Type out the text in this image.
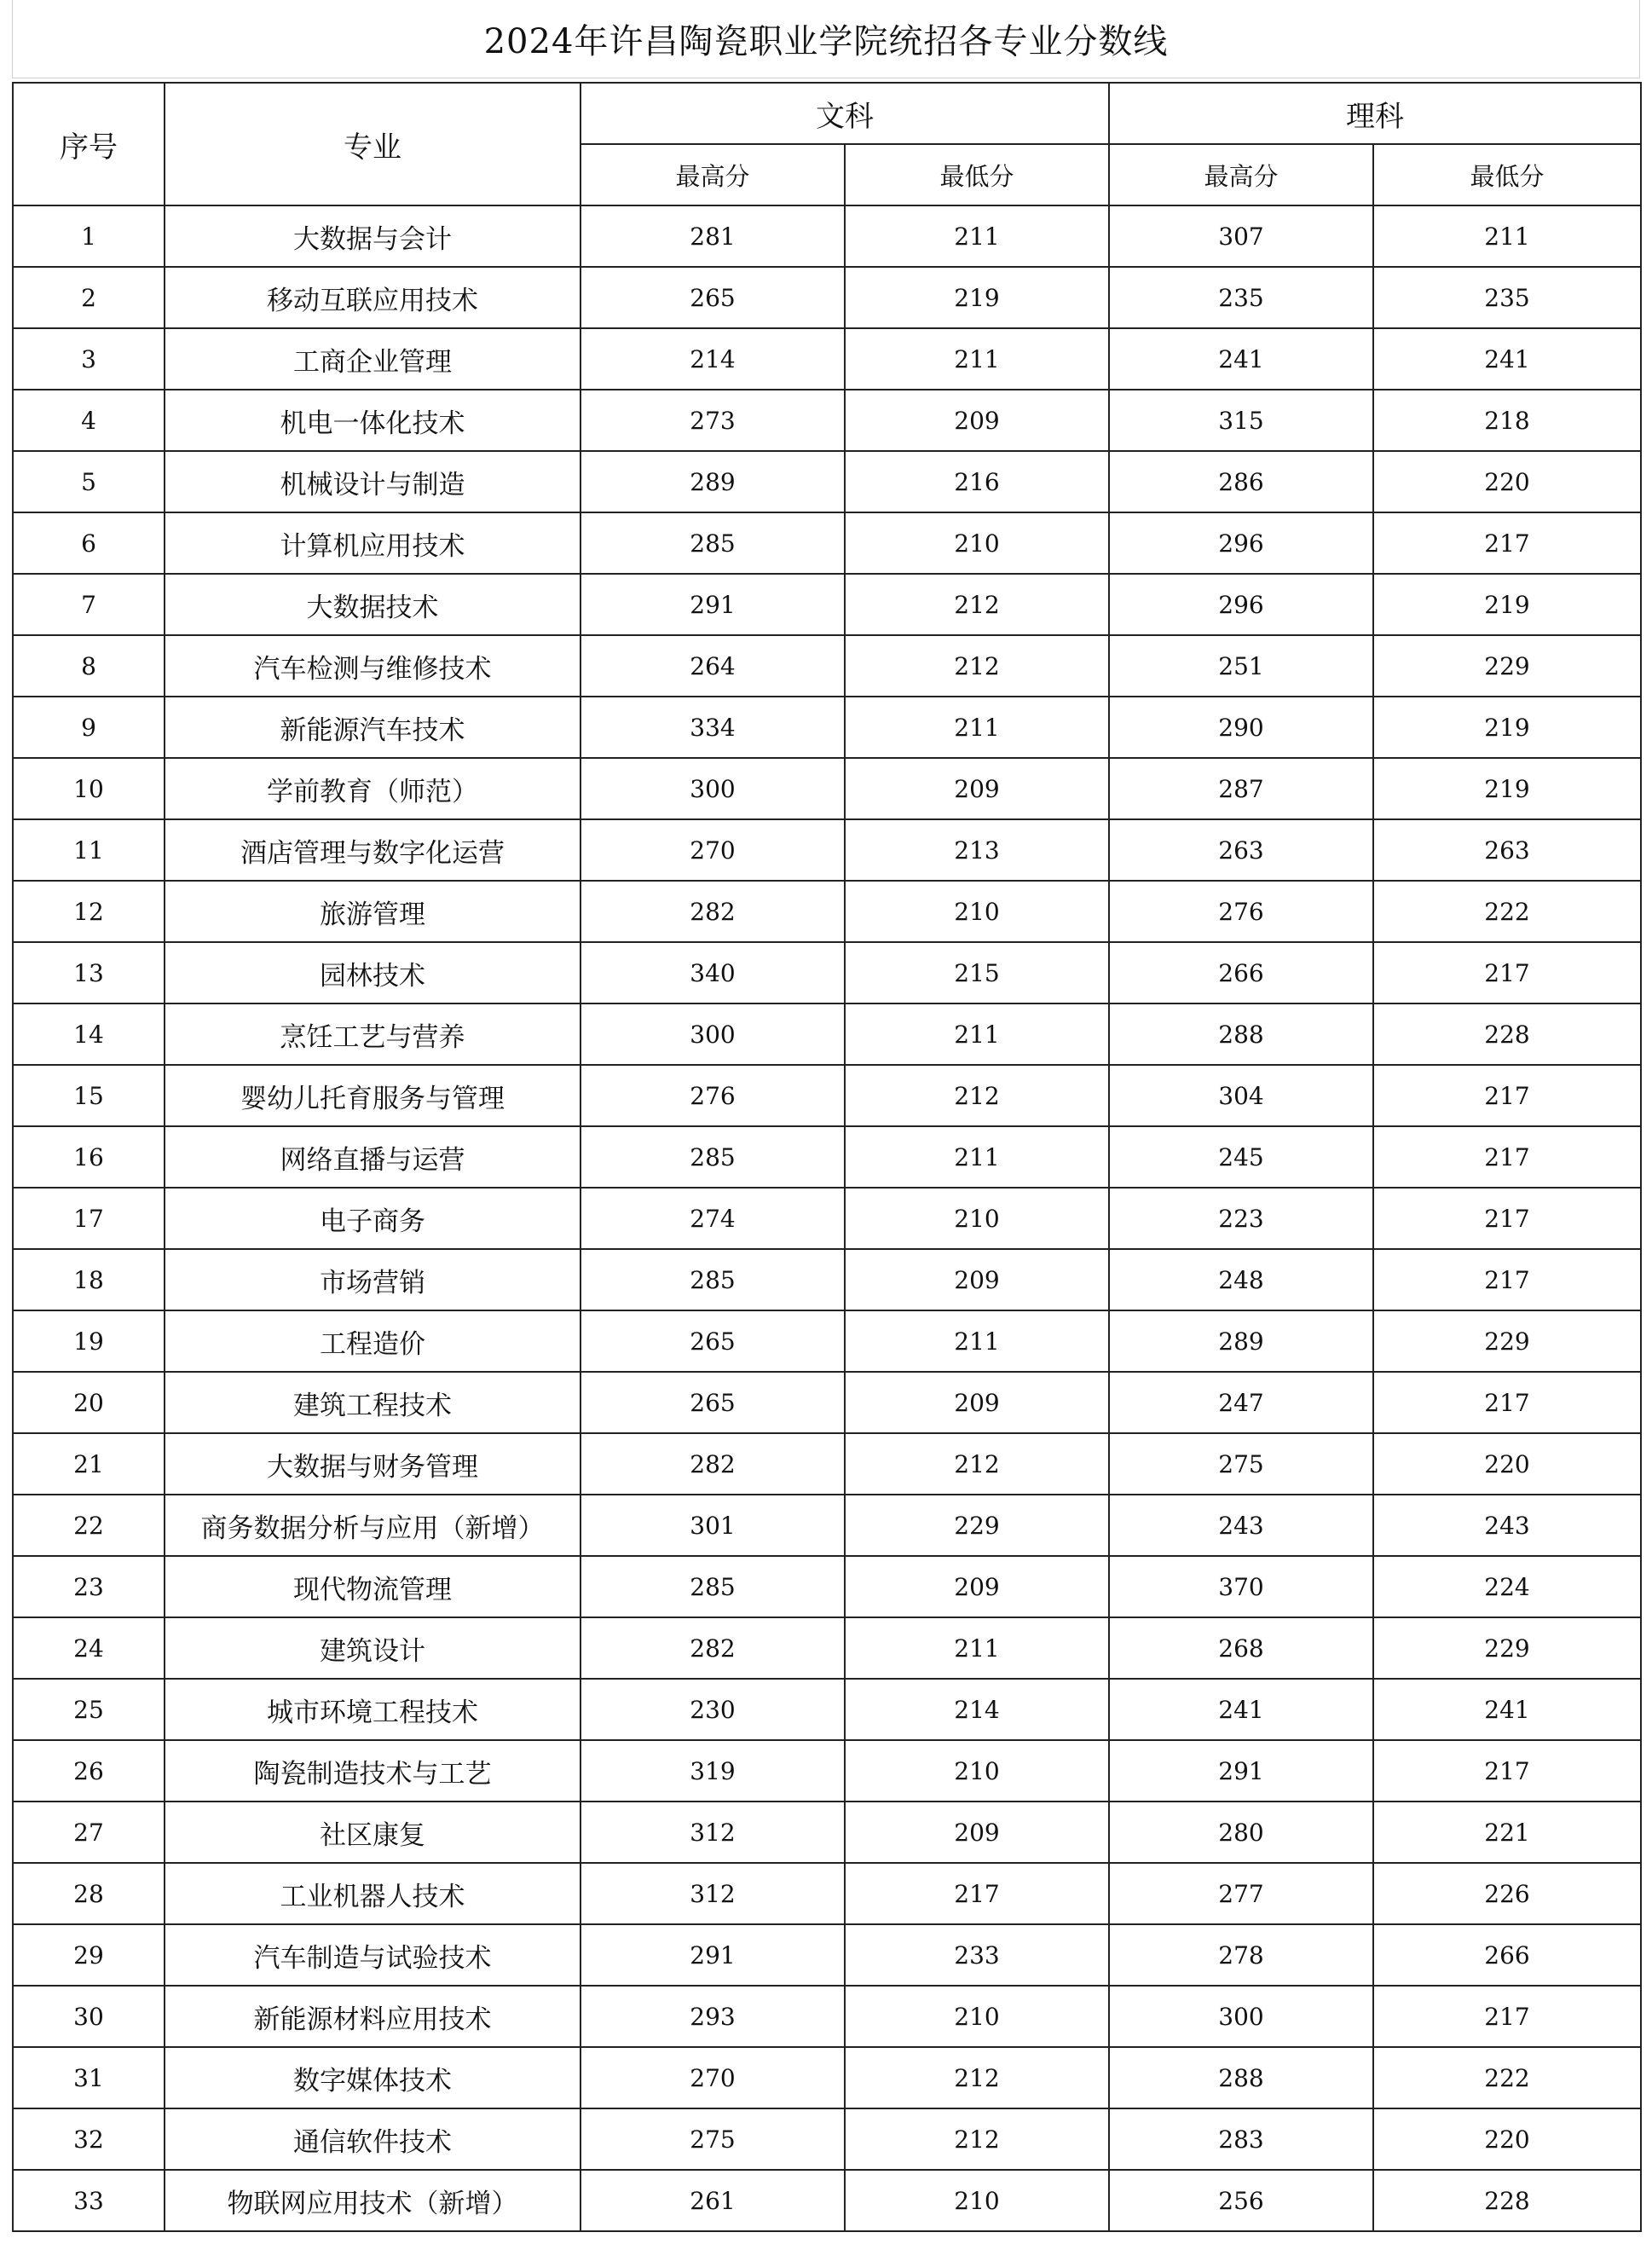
2024年许昌陶瓷职业学院统招各专业分数线
序号	专业	文科		理科	
		最高分	最低分	最高分	最低分
1	大数据与会计	281	211	307	211
2	移动互联应用技术	265	219	235	235
3	工商企业管理	214	211	241	241
4	机电一体化技术	273	209	315	218
5	机械设计与制造	289	216	286	220
6	计算机应用技术	285	210	296	217
7	大数据技术	291	212	296	219
8	汽车检测与维修技术	264	212	251	229
9	新能源汽车技术	334	211	290	219
10	学前教育（师范）	300	209	287	219
11	酒店管理与数字化运营	270	213	263	263
12	旅游管理	282	210	276	222
13	园林技术	340	215	266	217
14	烹饪工艺与营养	300	211	288	228
15	婴幼儿托育服务与管理	276	212	304	217
16	网络直播与运营	285	211	245	217
17	电子商务	274	210	223	217
18	市场营销	285	209	248	217
19	工程造价	265	211	289	229
20	建筑工程技术	265	209	247	217
21	大数据与财务管理	282	212	275	220
22	商务数据分析与应用（新增）	301	229	243	243
23	现代物流管理	285	209	370	224
24	建筑设计	282	211	268	229
25	城市环境工程技术	230	214	241	241
26	陶瓷制造技术与工艺	319	210	291	217
27	社区康复	312	209	280	221
28	工业机器人技术	312	217	277	226
29	汽车制造与试验技术	291	233	278	266
30	新能源材料应用技术	293	210	300	217
31	数字媒体技术	270	212	288	222
32	通信软件技术	275	212	283	220
33	物联网应用技术（新增）	261	210	256	228
